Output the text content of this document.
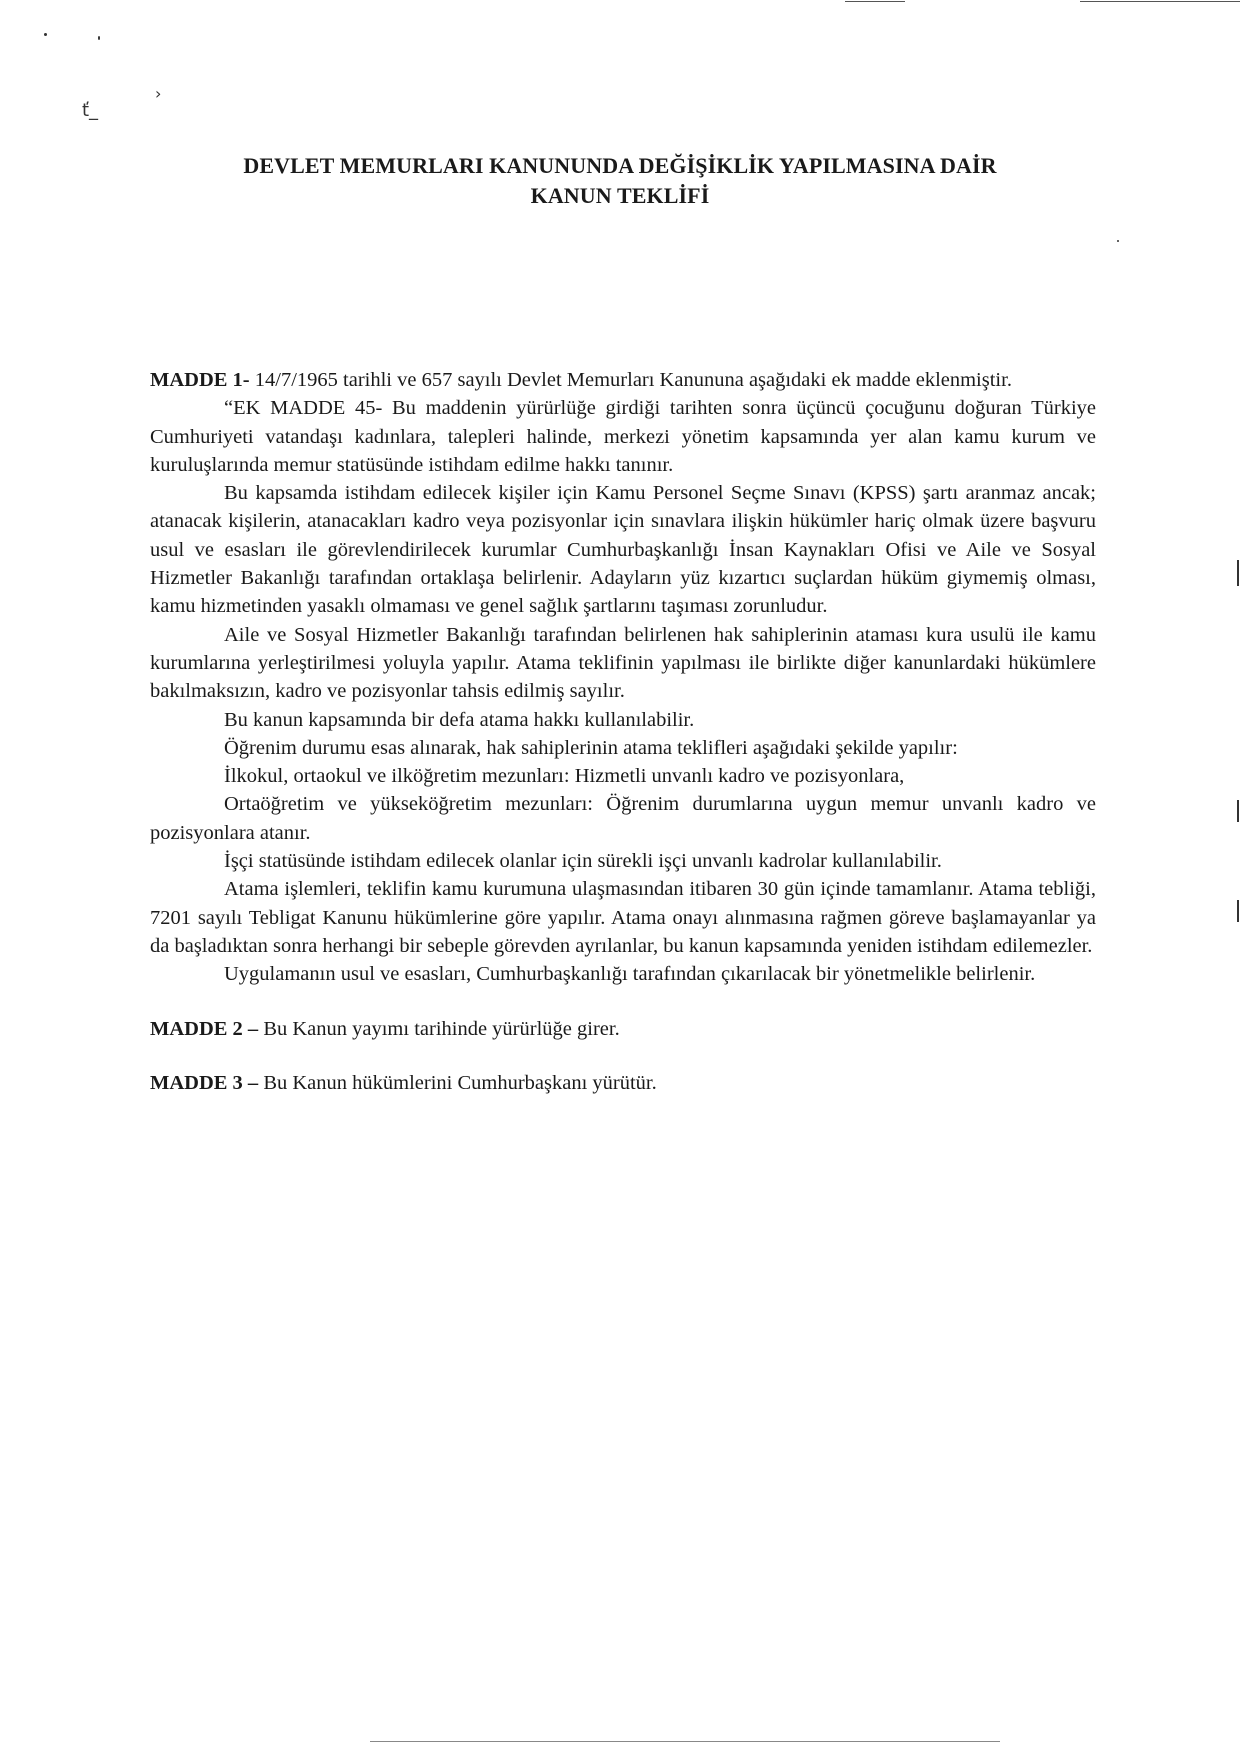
ť_
›
DEVLET MEMURLARI KANUNUNDA DEĞİŞİKLİK YAPILMASINA DAİR
KANUN TEKLİFİ

MADDE 1- 14/7/1965 tarihli ve 657 sayılı Devlet Memurları Kanununa aşağıdaki ek madde eklenmiştir.

“EK MADDE 45- Bu maddenin yürürlüğe girdiği tarihten sonra üçüncü çocuğunu doğuran Türkiye Cumhuriyeti vatandaşı kadınlara, talepleri halinde, merkezi yönetim kapsamında yer alan kamu kurum ve kuruluşlarında memur statüsünde istihdam edilme hakkı tanınır.

Bu kapsamda istihdam edilecek kişiler için Kamu Personel Seçme Sınavı (KPSS) şartı aranmaz ancak; atanacak kişilerin, atanacakları kadro veya pozisyonlar için sınavlara ilişkin hükümler hariç olmak üzere başvuru usul ve esasları ile görevlendirilecek kurumlar Cumhurbaşkanlığı İnsan Kaynakları Ofisi ve Aile ve Sosyal Hizmetler Bakanlığı tarafından ortaklaşa belirlenir. Adayların yüz kızartıcı suçlardan hüküm giymemiş olması, kamu hizmetinden yasaklı olmaması ve genel sağlık şartlarını taşıması zorunludur.

Aile ve Sosyal Hizmetler Bakanlığı tarafından belirlenen hak sahiplerinin ataması kura usulü ile kamu kurumlarına yerleştirilmesi yoluyla yapılır. Atama teklifinin yapılması ile birlikte diğer kanunlardaki hükümlere bakılmaksızın, kadro ve pozisyonlar tahsis edilmiş sayılır.

Bu kanun kapsamında bir defa atama hakkı kullanılabilir.

Öğrenim durumu esas alınarak, hak sahiplerinin atama teklifleri aşağıdaki şekilde yapılır:

İlkokul, ortaokul ve ilköğretim mezunları: Hizmetli unvanlı kadro ve pozisyonlara,

Ortaöğretim ve yükseköğretim mezunları: Öğrenim durumlarına uygun memur unvanlı kadro ve pozisyonlara atanır.

İşçi statüsünde istihdam edilecek olanlar için sürekli işçi unvanlı kadrolar kullanılabilir.

Atama işlemleri, teklifin kamu kurumuna ulaşmasından itibaren 30 gün içinde tamamlanır. Atama tebliği, 7201 sayılı Tebligat Kanunu hükümlerine göre yapılır. Atama onayı alınmasına rağmen göreve başlamayanlar ya da başladıktan sonra herhangi bir sebeple görevden ayrılanlar, bu kanun kapsamında yeniden istihdam edilemezler.

Uygulamanın usul ve esasları, Cumhurbaşkanlığı tarafından çıkarılacak bir yönetmelikle belirlenir.

MADDE 2 – Bu Kanun yayımı tarihinde yürürlüğe girer.

MADDE 3 – Bu Kanun hükümlerini Cumhurbaşkanı yürütür.
